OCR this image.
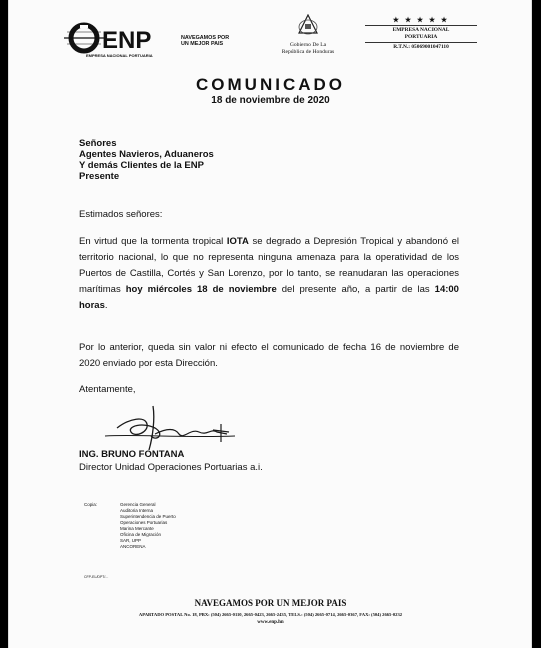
ENP
EMPRESA NACIONAL PORTUARIA
NAVEGAMOS POR
UN MEJOR PAIS	Gobierno De La
República de Honduras
★ ★ ★ ★ ★
EMPRESA NACIONAL
PORTUARIA
R.T.N.: 05069001047110
COMUNICADO
18 de noviembre de 2020
Señores
Agentes Navieros, Aduaneros
Y demás Clientes de la ENP
Presente
Estimados señores:
En virtud que la tormenta tropical IOTA se degrado a Depresión Tropical y abandonó el territorio nacional, lo que no representa ninguna amenaza para la operatividad de los Puertos de Castilla, Cortés y San Lorenzo, por lo tanto, se reanudaran las operaciones marítimas hoy miércoles 18 de noviembre del presente año, a partir de las 14:00 horas.
Por lo anterior, queda sin valor ni efecto el comunicado de fecha 16 de noviembre de 2020 enviado por esta Dirección.
Atentamente,
ING. BRUNO FONTANA
Director Unidad Operaciones Portuarias a.i.
Copia:	Gerencia General
Auditoria Interna
Superintendencia de Puerto
Operaciones Portuarias
Marina Mercante
Oficina de Migración
SAR, UPP
ANCORENA
CFP-EL/DPT/...
NAVEGAMOS POR UN MEJOR PAIS
APARTADO POSTAL No. 18, PBX: (504) 2665-0110, 2665-0423, 2665-2435, TELS.: (504) 2665-0714, 2665-0367, FAX: (504) 2665-0232
www.enp.hn
